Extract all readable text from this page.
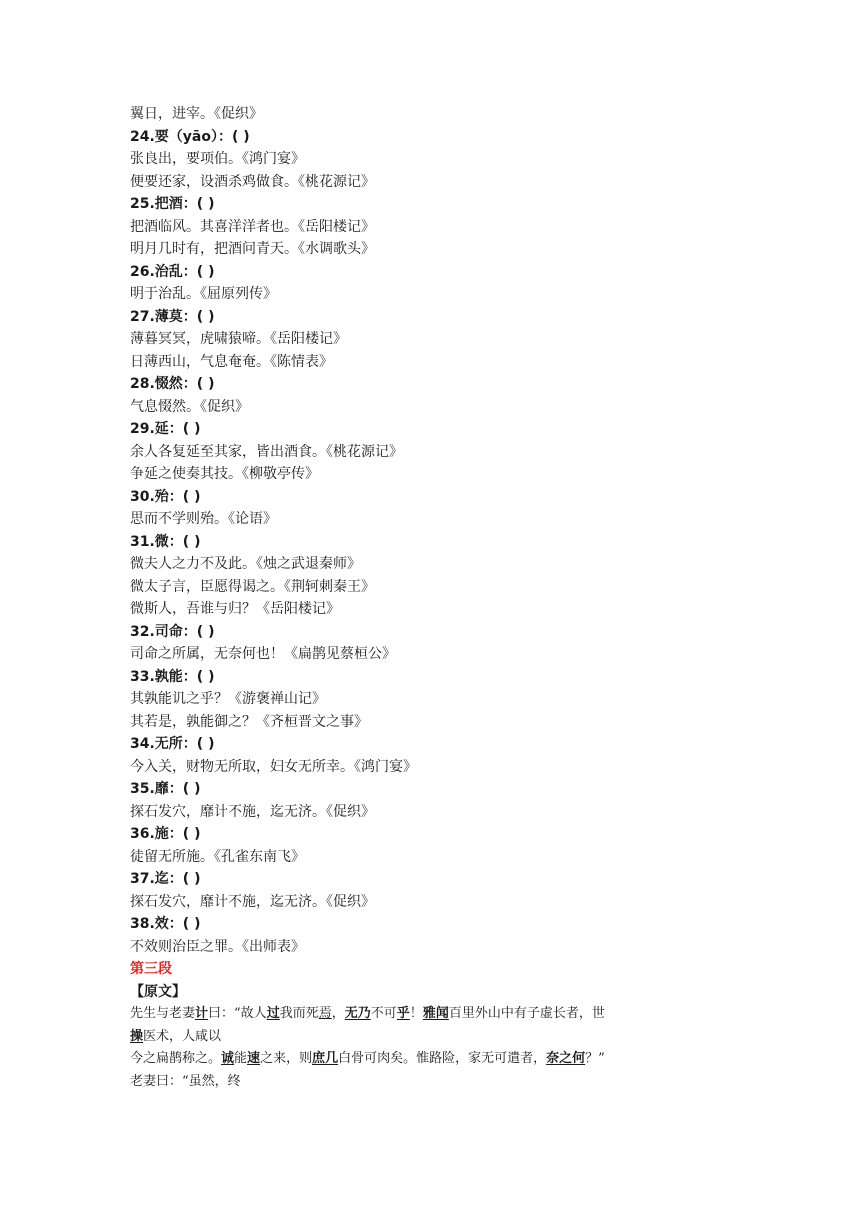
翼日，进宰。《促织》
24.要（yāo）：( )
张良出，要项伯。《鸿门宴》
便要还家，设酒杀鸡做食。《桃花源记》
25.把酒：( )
把酒临风。其喜洋洋者也。《岳阳楼记》
明月几时有，把酒问青天。《水调歌头》
26.治乱：( )
明于治乱。《屈原列传》
27.薄莫：( )
薄暮冥冥，虎啸猿啼。《岳阳楼记》
日薄西山，气息奄奄。《陈情表》
28.惙然：( )
气息惙然。《促织》
29.延：( )
余人各复延至其家，皆出酒食。《桃花源记》
争延之使奏其技。《柳敬亭传》
30.殆：( )
思而不学则殆。《论语》
31.微：( )
微夫人之力不及此。《烛之武退秦师》
微太子言，臣愿得谒之。《荆轲刺秦王》
微斯人，吾谁与归？《岳阳楼记》
32.司命：( )
司命之所属，无奈何也！《扁鹊见蔡桓公》
33.孰能：( )
其孰能讥之乎？《游褒禅山记》
其若是，孰能御之？《齐桓晋文之事》
34.无所：( )
今入关，财物无所取，妇女无所幸。《鸿门宴》
35.靡：( )
探石发穴，靡计不施，迄无济。《促织》
36.施：( )
徒留无所施。《孔雀东南飞》
37.迄：( )
探石发穴，靡计不施，迄无济。《促织》
38.效：( )
不效则治臣之罪。《出师表》
第三段
【原文】
先生与老妻计曰：“故人过我而死焉，无乃不可乎！雅闻百里外山中有子虚长者，世
操医术，人咸以
今之扁鹊称之。诚能速之来，则庶几白骨可肉矣。惟路险，家无可遣者，奈之何？”
老妻曰：“虽然，终
